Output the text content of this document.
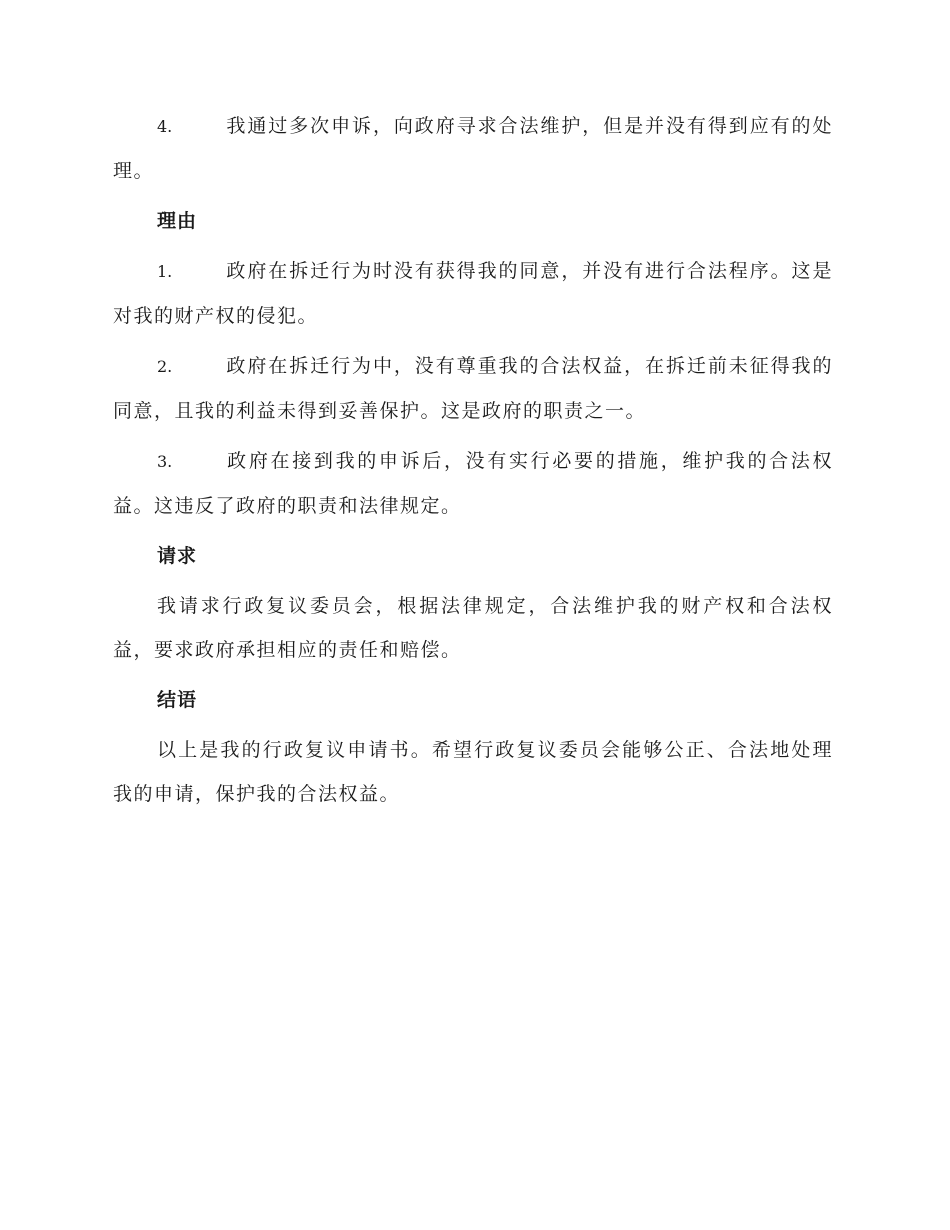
4.	我通过多次申诉，向政府寻求合法维护，但是并没有得到应有的处理。

理由

1.	政府在拆迁行为时没有获得我的同意，并没有进行合法程序。这是对我的财产权的侵犯。

2.	政府在拆迁行为中，没有尊重我的合法权益，在拆迁前未征得我的同意，且我的利益未得到妥善保护。这是政府的职责之一。

3.	政府在接到我的申诉后，没有实行必要的措施，维护我的合法权益。这违反了政府的职责和法律规定。

请求

我请求行政复议委员会，根据法律规定，合法维护我的财产权和合法权益，要求政府承担相应的责任和赔偿。

结语

以上是我的行政复议申请书。希望行政复议委员会能够公正、合法地处理我的申请，保护我的合法权益。
